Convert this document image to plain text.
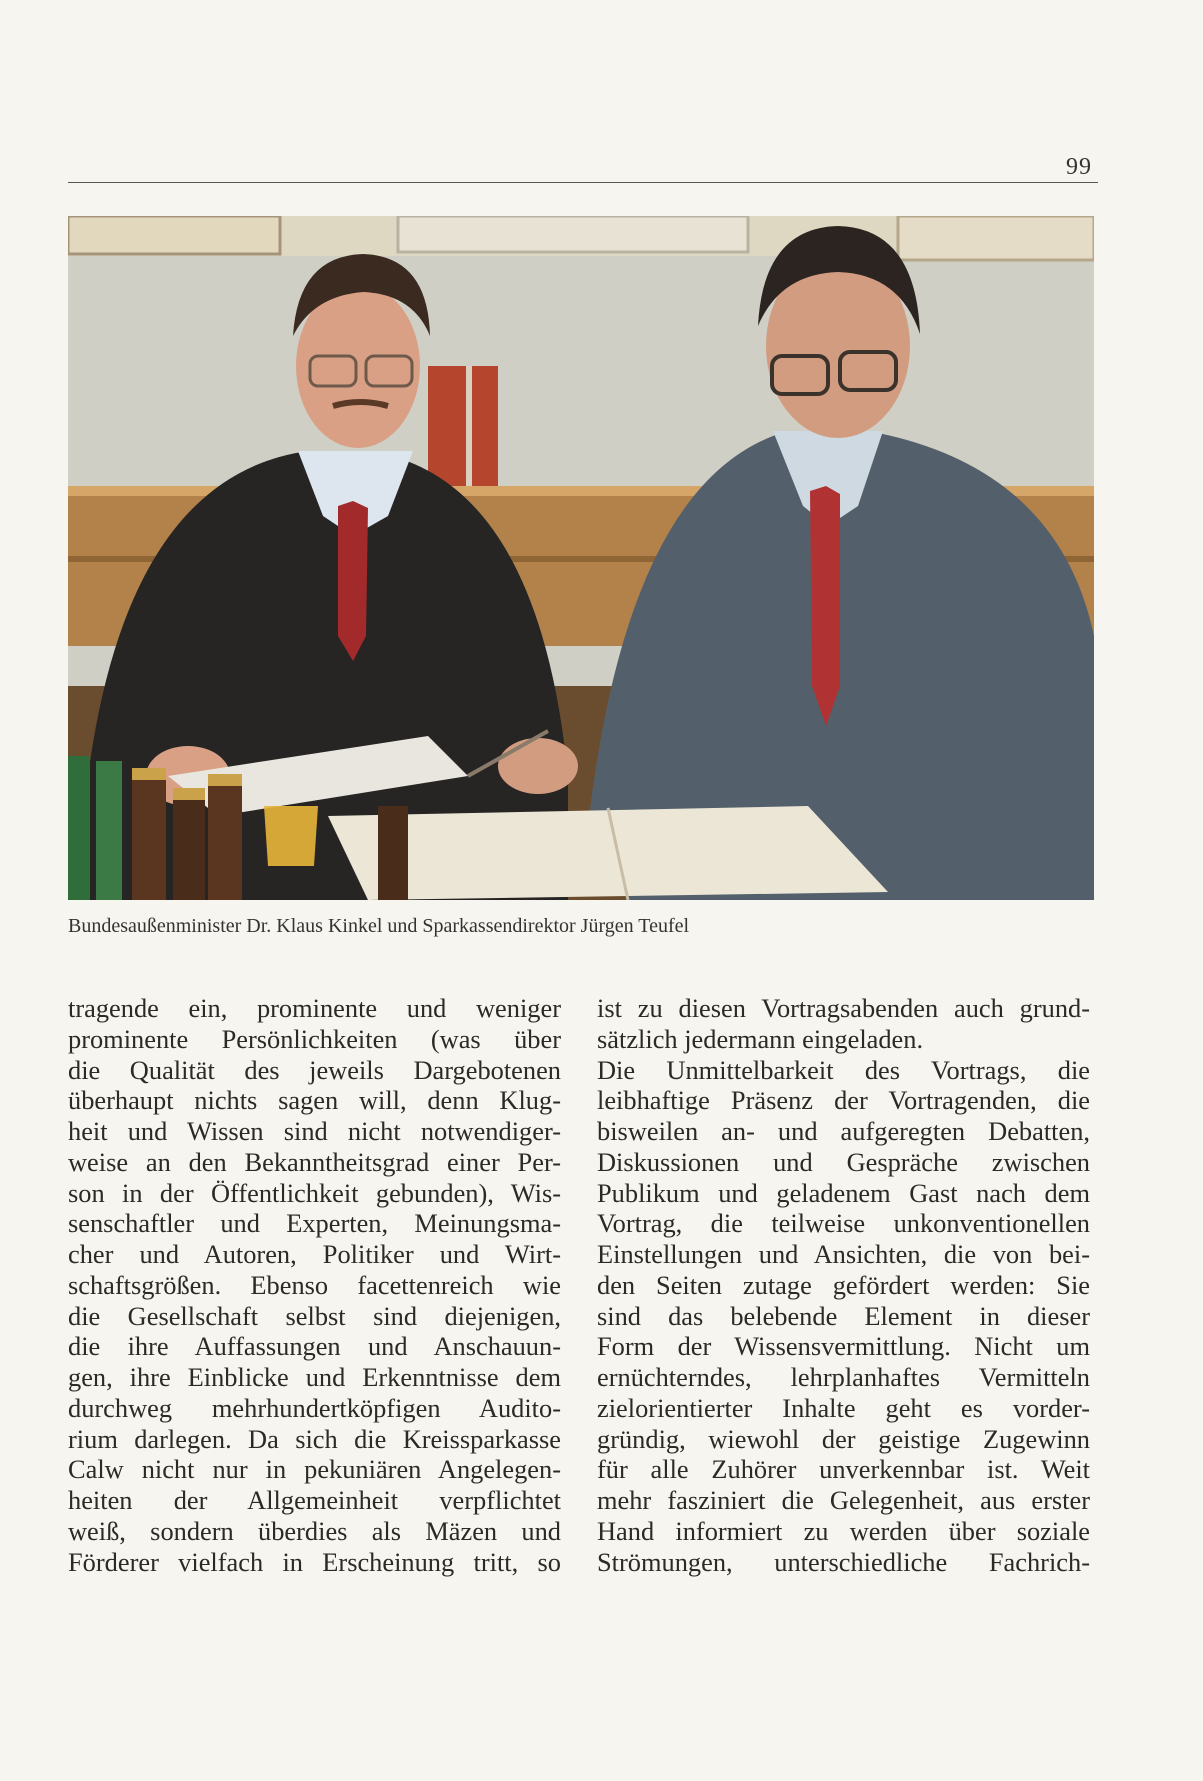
99
Bundesaußenminister Dr. Klaus Kinkel und Sparkassendirektor Jürgen Teufel
tragende ein, prominente und weniger
prominente Persönlichkeiten (was über
die Qualität des jeweils Dargebotenen
überhaupt nichts sagen will, denn Klug-
heit und Wissen sind nicht notwendiger-
weise an den Bekanntheitsgrad einer Per-
son in der Öffentlichkeit gebunden), Wis-
senschaftler und Experten, Meinungsma-
cher und Autoren, Politiker und Wirt-
schaftsgrößen. Ebenso facettenreich wie
die Gesellschaft selbst sind diejenigen,
die ihre Auffassungen und Anschauun-
gen, ihre Einblicke und Erkenntnisse dem
durchweg mehrhundertköpfigen Audito-
rium darlegen. Da sich die Kreissparkasse
Calw nicht nur in pekuniären Angelegen-
heiten der Allgemeinheit verpflichtet
weiß, sondern überdies als Mäzen und
Förderer vielfach in Erscheinung tritt, so
ist zu diesen Vortragsabenden auch grund-
sätzlich jedermann eingeladen.
Die Unmittelbarkeit des Vortrags, die
leibhaftige Präsenz der Vortragenden, die
bisweilen an- und aufgeregten Debatten,
Diskussionen und Gespräche zwischen
Publikum und geladenem Gast nach dem
Vortrag, die teilweise unkonventionellen
Einstellungen und Ansichten, die von bei-
den Seiten zutage gefördert werden: Sie
sind das belebende Element in dieser
Form der Wissensvermittlung. Nicht um
ernüchterndes, lehrplanhaftes Vermitteln
zielorientierter Inhalte geht es vorder-
gründig, wiewohl der geistige Zugewinn
für alle Zuhörer unverkennbar ist. Weit
mehr fasziniert die Gelegenheit, aus erster
Hand informiert zu werden über soziale
Strömungen, unterschiedliche Fachrich-
